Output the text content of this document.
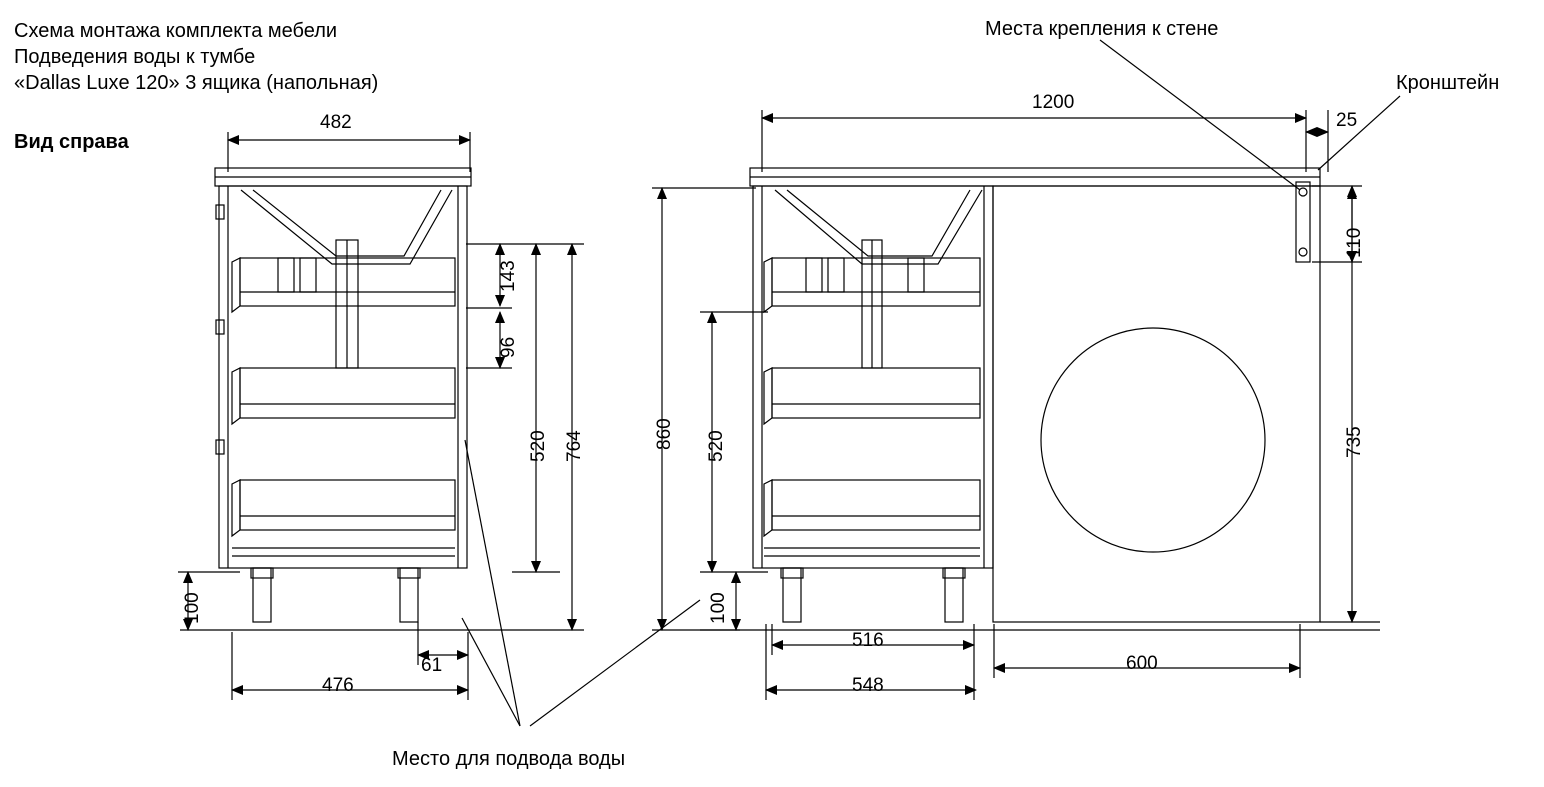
Схема монтажа комплекта мебели
Подведения воды к тумбе
«Dallas Luxe 120» 3 ящика (напольная)
Вид справа
Места крепления к стене
Кронштейн
Место для подвода воды
482
143
96
520 764
100
476
61
1200
25
110
735
860 520
100
516
548
600
